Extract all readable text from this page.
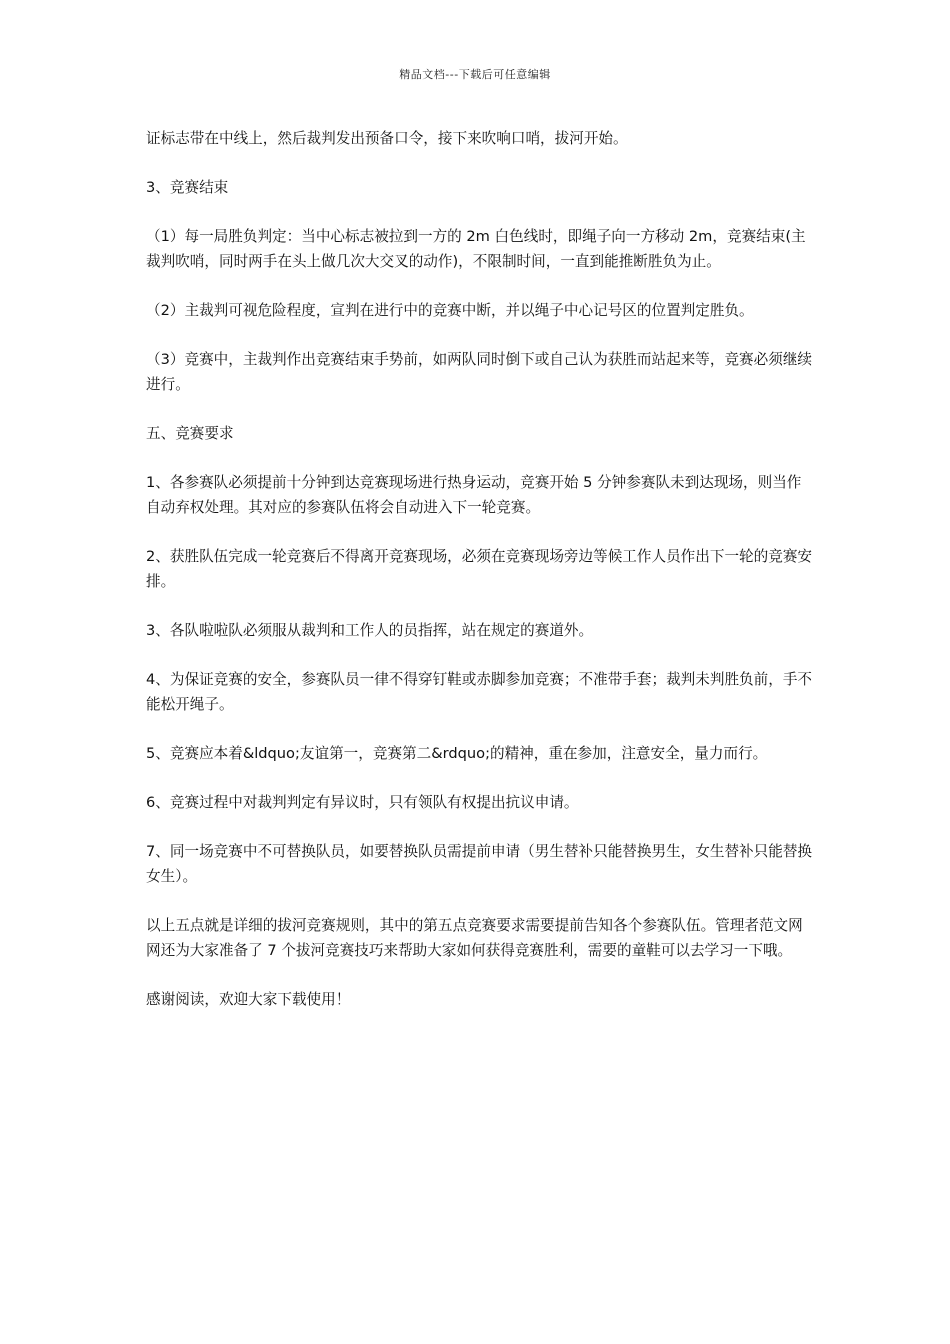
精品文档---下载后可任意编辑

证标志带在中线上，然后裁判发出预备口令，接下来吹响口哨，拔河开始。

3、竞赛结束

（1）每一局胜负判定：当中心标志被拉到一方的 2m 白色线时，即绳子向一方移动 2m，竞赛结束(主裁判吹哨，同时两手在头上做几次大交叉的动作)，不限制时间，一直到能推断胜负为止。

（2）主裁判可视危险程度，宣判在进行中的竞赛中断，并以绳子中心记号区的位置判定胜负。

（3）竞赛中，主裁判作出竞赛结束手势前，如两队同时倒下或自己认为获胜而站起来等，竞赛必须继续进行。

五、竞赛要求

1、各参赛队必须提前十分钟到达竞赛现场进行热身运动，竞赛开始 5 分钟参赛队未到达现场，则当作自动弃权处理。其对应的参赛队伍将会自动进入下一轮竞赛。

2、获胜队伍完成一轮竞赛后不得离开竞赛现场，必须在竞赛现场旁边等候工作人员作出下一轮的竞赛安排。

3、各队啦啦队必须服从裁判和工作人的员指挥，站在规定的赛道外。

4、为保证竞赛的安全，参赛队员一律不得穿钉鞋或赤脚参加竞赛；不准带手套；裁判未判胜负前，手不能松开绳子。

5、竞赛应本着&ldquo;友谊第一，竞赛第二&rdquo;的精神，重在参加，注意安全，量力而行。

6、竞赛过程中对裁判判定有异议时，只有领队有权提出抗议申请。

7、同一场竞赛中不可替换队员，如要替换队员需提前申请（男生替补只能替换男生，女生替补只能替换女生）。

以上五点就是详细的拔河竞赛规则，其中的第五点竞赛要求需要提前告知各个参赛队伍。管理者范文网网还为大家准备了 7 个拔河竞赛技巧来帮助大家如何获得竞赛胜利，需要的童鞋可以去学习一下哦。

感谢阅读，欢迎大家下载使用！
